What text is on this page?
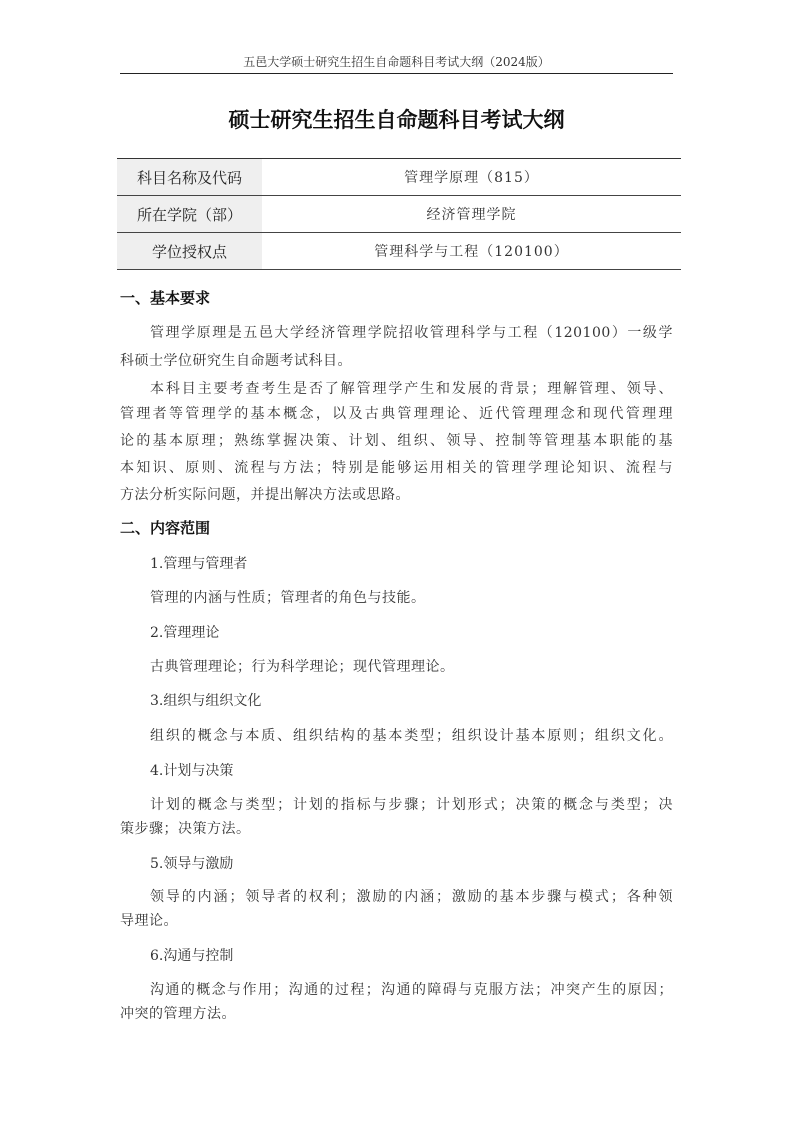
五邑大学硕士研究生招生自命题科目考试大纲（2024版）
硕士研究生招生自命题科目考试大纲
科目名称及代码	管理学原理（815）
所在学院（部）	经济管理学院
学位授权点	管理科学与工程（120100）
一、基本要求
管理学原理是五邑大学经济管理学院招收管理科学与工程（120100）一级学
科硕士学位研究生自命题考试科目。
本科目主要考查考生是否了解管理学产生和发展的背景；理解管理、领导、
管理者等管理学的基本概念，以及古典管理理论、近代管理理念和现代管理理
论的基本原理；熟练掌握决策、计划、组织、领导、控制等管理基本职能的基
本知识、原则、流程与方法；特别是能够运用相关的管理学理论知识、流程与
方法分析实际问题，并提出解决方法或思路。
二、内容范围
1.管理与管理者
管理的内涵与性质；管理者的角色与技能。
2.管理理论
古典管理理论；行为科学理论；现代管理理论。
3.组织与组织文化
组织的概念与本质、组织结构的基本类型；组织设计基本原则；组织文化。
4.计划与决策
计划的概念与类型；计划的指标与步骤；计划形式；决策的概念与类型；决
策步骤；决策方法。
5.领导与激励
领导的内涵；领导者的权利；激励的内涵；激励的基本步骤与模式；各种领
导理论。
6.沟通与控制
沟通的概念与作用；沟通的过程；沟通的障碍与克服方法；冲突产生的原因；
冲突的管理方法。
